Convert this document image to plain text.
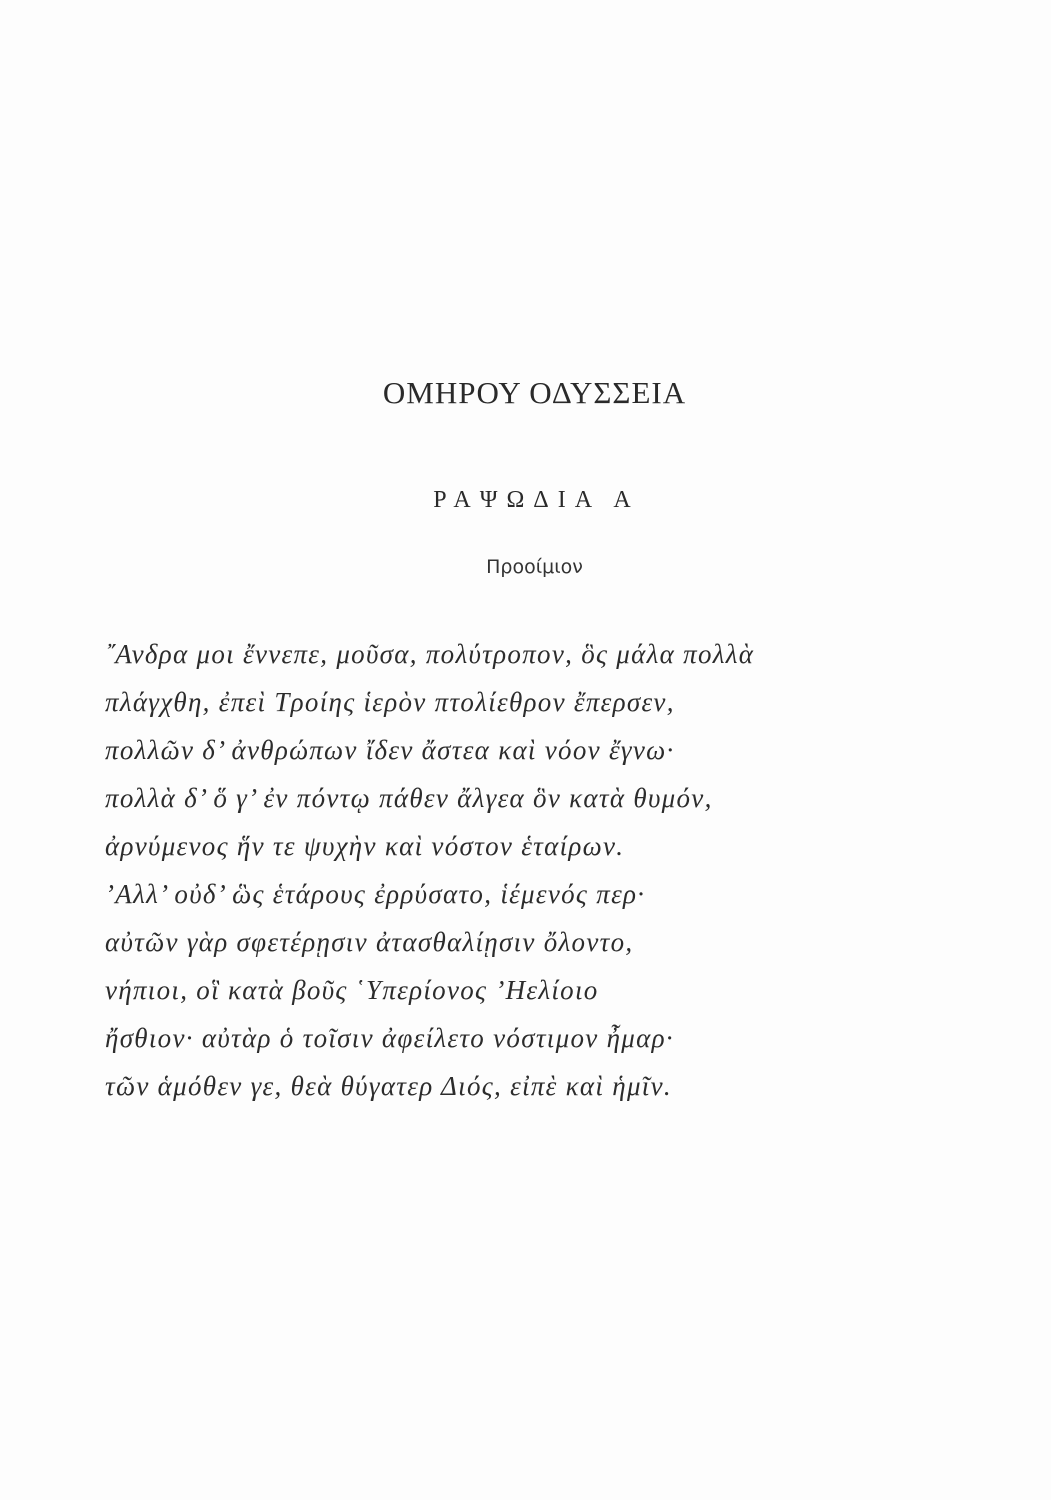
ΟΜΗΡΟΥ ΟΔΥΣΣΕΙΑ
ΡΑΨΩΔΙΑ Α
Προοίμιον
῎Ανδρα μοι ἔννεπε, μοῦσα, πολύτροπον, ὃς μάλα πολλὰ
πλάγχθη, ἐπεὶ Τροίης ἱερὸν πτολίεθρον ἔπερσεν,
πολλῶν δ’ ἀνθρώπων ἴδεν ἄστεα καὶ νόον ἔγνω·
πολλὰ δ’ ὅ γ’ ἐν πόντῳ πάθεν ἄλγεα ὃν κατὰ θυμόν,
ἀρνύμενος ἥν τε ψυχὴν καὶ νόστον ἑταίρων.
’Αλλ’ οὐδ’ ὣς ἑτάρους ἐρρύσατο, ἱέμενός περ·
αὐτῶν γὰρ σφετέρῃσιν ἀτασθαλίῃσιν ὄλοντο,
νήπιοι, οἳ κατὰ βοῦς ῾Υπερίονος ’Ηελίοιο
ἤσθιον· αὐτὰρ ὁ τοῖσιν ἀφείλετο νόστιμον ἦμαρ·
τῶν ἁμόθεν γε, θεὰ θύγατερ Διός, εἰπὲ καὶ ἡμῖν.
